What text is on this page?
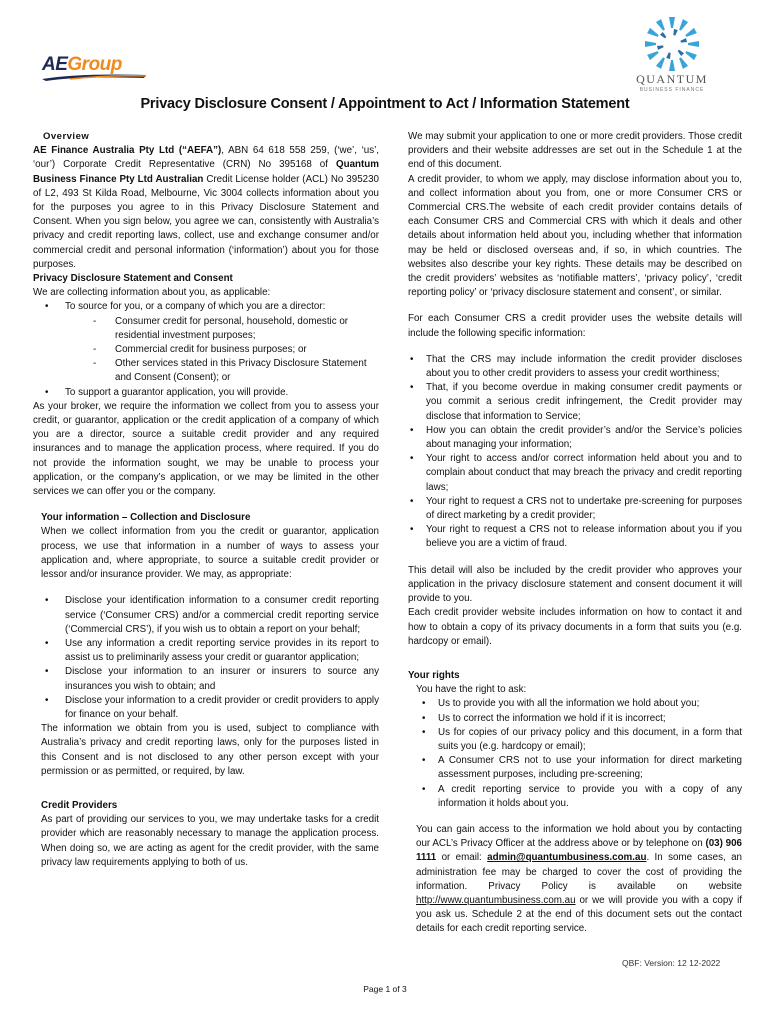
AEGroup
QUANTUM
BUSINESS FINANCE
Privacy Disclosure Consent / Appointment to Act / Information Statement

Overview

AE Finance Australia Pty Ltd (“AEFA”), ABN 64 618 558 259, (‘we’, ‘us’, ‘our’) Corporate Credit Representative (CRN) No 395168 of Quantum Business Finance Pty Ltd Australian Credit License holder (ACL) No 395230 of L2, 493 St Kilda Road, Melbourne, Vic 3004 collects information about you for the purposes you agree to in this Privacy Disclosure Statement and Consent. When you sign below, you agree we can, consistently with Australia’s privacy and credit reporting laws, collect, use and exchange consumer and/or commercial credit and personal information (‘information’) about you for those purposes.

Privacy Disclosure Statement and Consent

We are collecting information about you, as applicable:

• To source for you, or a company of which you are a director:
- Consumer credit for personal, household, domestic or residential investment purposes;
- Commercial credit for business purposes; or
- Other services stated in this Privacy Disclosure Statement and Consent (Consent); or
• To support a guarantor application, you will provide.

As your broker, we require the information we collect from you to assess your credit, or guarantor, application or the credit application of a company of which you are a director, source a suitable credit provider and any required insurances and to manage the application process, where required. If you do not provide the information sought, we may be unable to process your application, or the company’s application, or we may be limited in the other services we can offer you or the company.

Your information – Collection and Disclosure

When we collect information from you the credit or guarantor, application process, we use that information in a number of ways to assess your application and, where appropriate, to source a suitable credit provider or lessor and/or insurance provider. We may, as appropriate:

• Disclose your identification information to a consumer credit reporting service (‘Consumer CRS) and/or a commercial credit reporting service (‘Commercial CRS’), if you wish us to obtain a report on your behalf;
• Use any information a credit reporting service provides in its report to assist us to preliminarily assess your credit or guarantor application;
• Disclose your information to an insurer or insurers to source any insurances you wish to obtain; and
• Disclose your information to a credit provider or credit providers to apply for finance on your behalf.

The information we obtain from you is used, subject to compliance with Australia’s privacy and credit reporting laws, only for the purposes listed in this Consent and is not disclosed to any other person except with your permission or as permitted, or required, by law.

Credit Providers

As part of providing our services to you, we may undertake tasks for a credit provider which are reasonably necessary to manage the application process. When doing so, we are acting as agent for the credit provider, with the same privacy law requirements applying to both of us.

We may submit your application to one or more credit providers. Those credit providers and their website addresses are set out in the Schedule 1 at the end of this document.

A credit provider, to whom we apply, may disclose information about you to, and collect information about you from, one or more Consumer CRS or Commercial CRS.The website of each credit provider contains details of each Consumer CRS and Commercial CRS with which it deals and other details about information held about you, including whether that information may be held or disclosed overseas and, if so, in which countries. The websites also describe your key rights. These details may be described on the credit providers’ websites as ‘notifiable matters’, ‘privacy policy’, ‘credit reporting policy’ or ‘privacy disclosure statement and consent’, or similar.

For each Consumer CRS a credit provider uses the website details will include the following specific information:

• That the CRS may include information the credit provider discloses about you to other credit providers to assess your credit worthiness;
• That, if you become overdue in making consumer credit payments or you commit a serious credit infringement, the Credit provider may disclose that information to Service;
• How you can obtain the credit provider’s and/or the Service’s policies about managing your information;
• Your right to access and/or correct information held about you and to complain about conduct that may breach the privacy and credit reporting laws;
• Your right to request a CRS not to undertake pre-screening for purposes of direct marketing by a credit provider;
• Your right to request a CRS not to release information about you if you believe you are a victim of fraud.

This detail will also be included by the credit provider who approves your application in the privacy disclosure statement and consent document it will provide to you.

Each credit provider website includes information on how to contact it and how to obtain a copy of its privacy documents in a form that suits you (e.g. hardcopy or email).

Your rights

You have the right to ask:

• Us to provide you with all the information we hold about you;
• Us to correct the information we hold if it is incorrect;
• Us for copies of our privacy policy and this document, in a form that suits you (e.g. hardcopy or email);
• A Consumer CRS not to use your information for direct marketing assessment purposes, including pre-screening;
• A credit reporting service to provide you with a copy of any information it holds about you.

You can gain access to the information we hold about you by contacting our ACL’s Privacy Officer at the address above or by telephone on (03) 906 1111 or email: admin@quantumbusiness.com.au. In some cases, an administration fee may be charged to cover the cost of providing the information. Privacy Policy is available on website http://www.quantumbusiness.com.au or we will provide you with a copy if you ask us. Schedule 2 at the end of this document sets out the contact details for each credit reporting service.

QBF: Version: 12 12-2022
Page 1 of 3
